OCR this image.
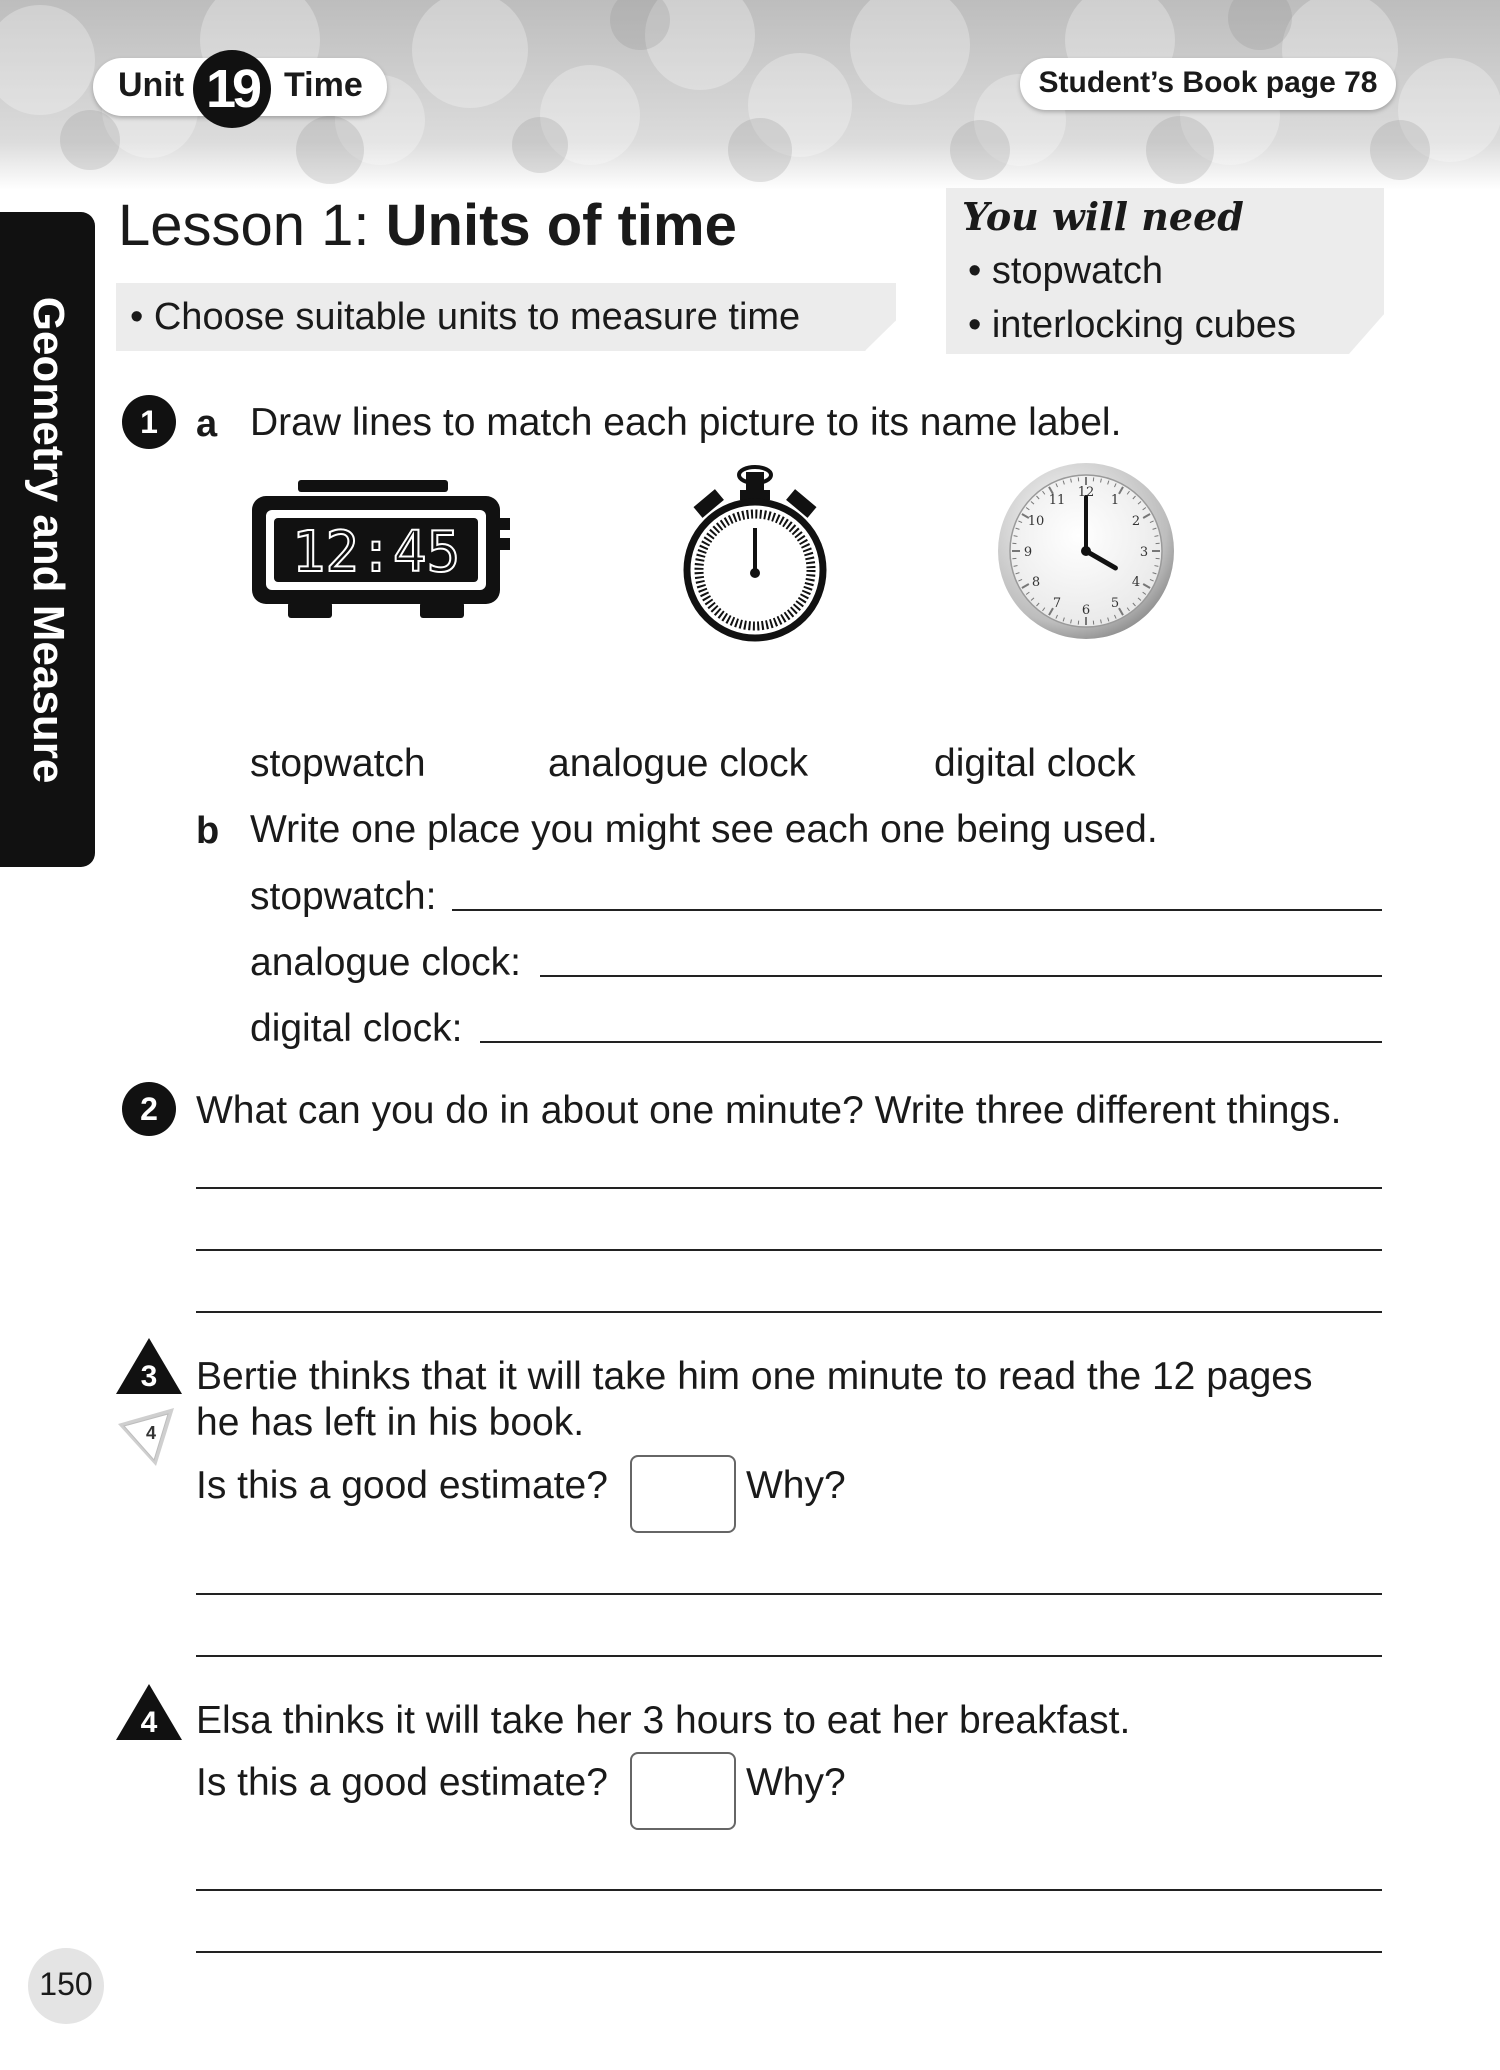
Unit 19 Time	Student’s Book page 78
Geometry and Measure
Lesson 1: Units of time
• Choose suitable units to measure time
You will need
• stopwatch
• interlocking cubes
1	a Draw lines to match each picture to its name label.
12:45
12
1
2
3
4
5
6
7
8
9
10
11
stopwatch	analogue clock	digital clock
b Write one place you might see each one being used.
stopwatch:
analogue clock:
digital clock:
2 What can you do in about one minute? Write three different things.
3
4
Bertie thinks that it will take him one minute to read the 12 pages
he has left in his book.
Is this a good estimate?	Why?
4 Elsa thinks it will take her 3 hours to eat her breakfast.
Is this a good estimate?	Why?
150
